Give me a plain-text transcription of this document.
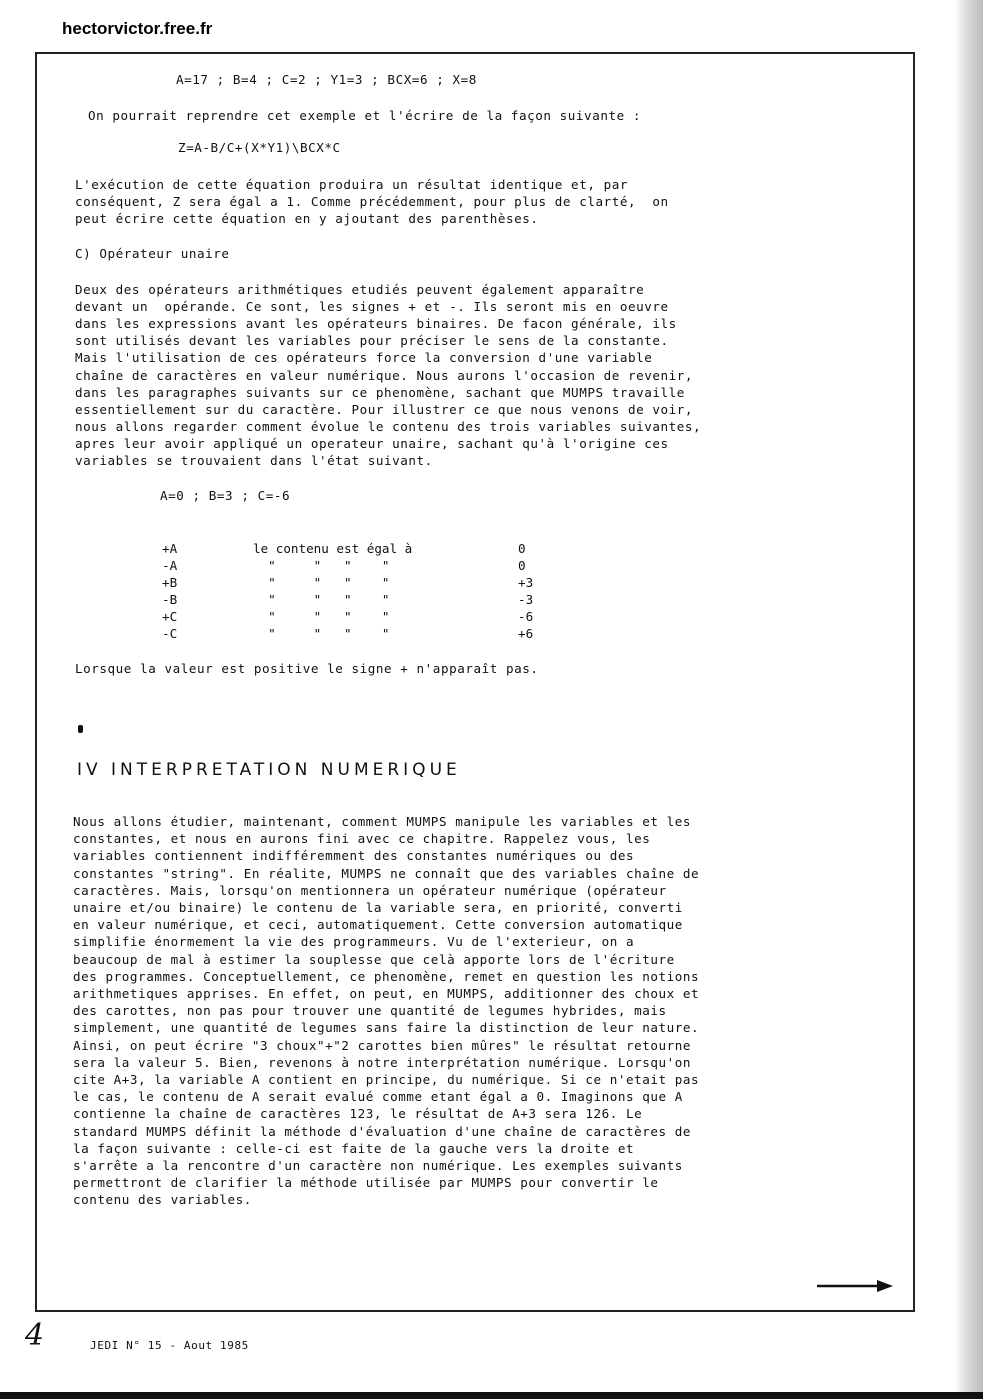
hectorvictor.free.fr
A=17 ; B=4 ; C=2 ; Y1=3 ; BCX=6 ; X=8
On pourrait reprendre cet exemple et l'écrire de la façon suivante :
Z=A-B/C+(X*Y1)\BCX*C
L'exécution de cette équation produira un résultat identique et, par
conséquent, Z sera égal a 1. Comme précédemment, pour plus de clarté,  on
peut écrire cette équation en y ajoutant des parenthèses.
C) Opérateur unaire
Deux des opérateurs arithmétiques etudiés peuvent également apparaître
devant un  opérande. Ce sont, les signes + et -. Ils seront mis en oeuvre
dans les expressions avant les opérateurs binaires. De facon générale, ils
sont utilisés devant les variables pour préciser le sens de la constante.
Mais l'utilisation de ces opérateurs force la conversion d'une variable
chaîne de caractères en valeur numérique. Nous aurons l'occasion de revenir,
dans les paragraphes suivants sur ce phenomène, sachant que MUMPS travaille
essentiellement sur du caractère. Pour illustrer ce que nous venons de voir,
nous allons regarder comment évolue le contenu des trois variables suivantes,
apres leur avoir appliqué un operateur unaire, sachant qu'à l'origine ces
variables se trouvaient dans l'état suivant.
A=0 ; B=3 ; C=-6
+A
-A
+B
-B
+C
-C
le contenu est égal à
"     "   "    "
"     "   "    "
"     "   "    "
"     "   "    "
"     "   "    "
0
0
+3
-3
-6
+6
Lorsque la valeur est positive le signe + n'apparaît pas.
IV INTERPRETATION NUMERIQUE
Nous allons étudier, maintenant, comment MUMPS manipule les variables et les
constantes, et nous en aurons fini avec ce chapitre. Rappelez vous, les
variables contiennent indifféremment des constantes numériques ou des
constantes "string". En réalite, MUMPS ne connaît que des variables chaîne de
caractères. Mais, lorsqu'on mentionnera un opérateur numérique (opérateur
unaire et/ou binaire) le contenu de la variable sera, en priorité, converti
en valeur numérique, et ceci, automatiquement. Cette conversion automatique
simplifie énormement la vie des programmeurs. Vu de l'exterieur, on a
beaucoup de mal à estimer la souplesse que celà apporte lors de l'écriture
des programmes. Conceptuellement, ce phenomène, remet en question les notions
arithmetiques apprises. En effet, on peut, en MUMPS, additionner des choux et
des carottes, non pas pour trouver une quantité de legumes hybrides, mais
simplement, une quantité de legumes sans faire la distinction de leur nature.
Ainsi, on peut écrire "3 choux"+"2 carottes bien mûres" le résultat retourne
sera la valeur 5. Bien, revenons à notre interprétation numérique. Lorsqu'on
cite A+3, la variable A contient en principe, du numérique. Si ce n'etait pas
le cas, le contenu de A serait evalué comme etant égal a 0. Imaginons que A
contienne la chaîne de caractères 123, le résultat de A+3 sera 126. Le
standard MUMPS définit la méthode d'évaluation d'une chaîne de caractères de
la façon suivante : celle-ci est faite de la gauche vers la droite et
s'arrête a la rencontre d'un caractère non numérique. Les exemples suivants
permettront de clarifier la méthode utilisée par MUMPS pour convertir le
contenu des variables.
4	JEDI N° 15 - Aout 1985
